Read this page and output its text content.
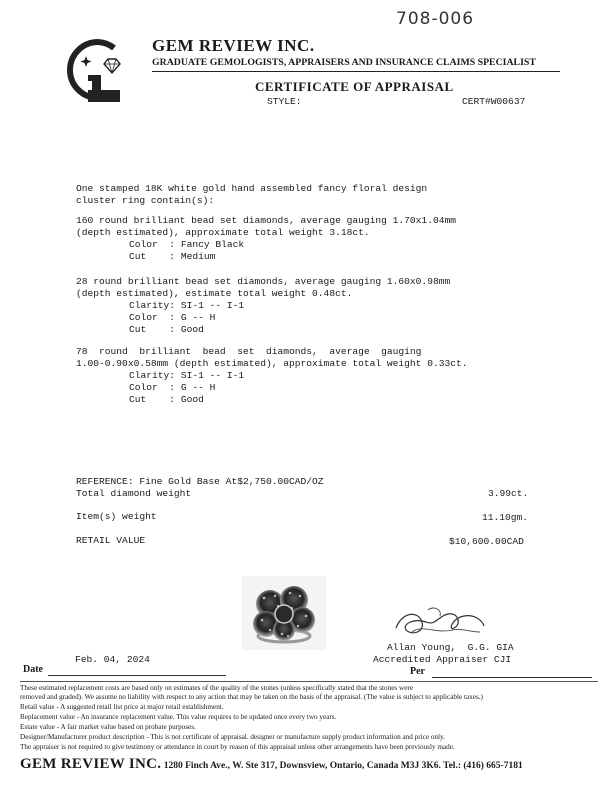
708-006
GEM REVIEW INC.
GRADUATE GEMOLOGISTS, APPRAISERS AND INSURANCE CLAIMS SPECIALIST
CERTIFICATE OF APPRAISAL
STYLE:	CERT#W00637
One stamped 18K white gold hand assembled fancy floral design
cluster ring contain(s):
160 round brilliant bead set diamonds, average gauging 1.70x1.04mm
(depth estimated), approximate total weight 3.18ct.
Color  : Fancy Black
Cut    : Medium
28 round brilliant bead set diamonds, average gauging 1.60x0.98mm
(depth estimated), estimate total weight 0.48ct.
Clarity: SI-1 -- I-1
Color  : G -- H
Cut    : Good
78  round  brilliant  bead  set  diamonds,  average  gauging
1.00-0.90x0.58mm (depth estimated), approximate total weight 0.33ct.
Clarity: SI-1 -- I-1
Color  : G -- H
Cut    : Good
REFERENCE: Fine Gold Base At$2,750.00CAD/OZ
Total diamond weight	3.99ct.
Item(s) weight	11.10gm.
RETAIL VALUE	$10,600.00CAD
Feb. 04, 2024
Allan Young,  G.G. GIA
Accredited Appraiser CJI
Date	Per
These estimated replacement costs are based only on estimates of the quality of the stones (unless specifically stated that the stones were
removed and graded). We assume no liability with respect to any action that may be taken on the basis of the appraisal. (The value is subject to applicable taxes.)
Retail value - A suggested retail list price at major retail establishment.
Replacement value - An insurance replacement value. This value requires to be updated once every two years.
Estate value - A fair market value based on probate purposes.
Designer/Manufacturer product description - This is not certificate of appraisal. designer or manufacture supply product information and price only.
The appraiser is not required to give testimony or attendance in court by reason of this appraisal unless other arrangements have been previously made.
GEM REVIEW INC. 1280 Finch Ave., W. Ste 317, Downsview, Ontario, Canada M3J 3K6. Tel.: (416) 665-7181
